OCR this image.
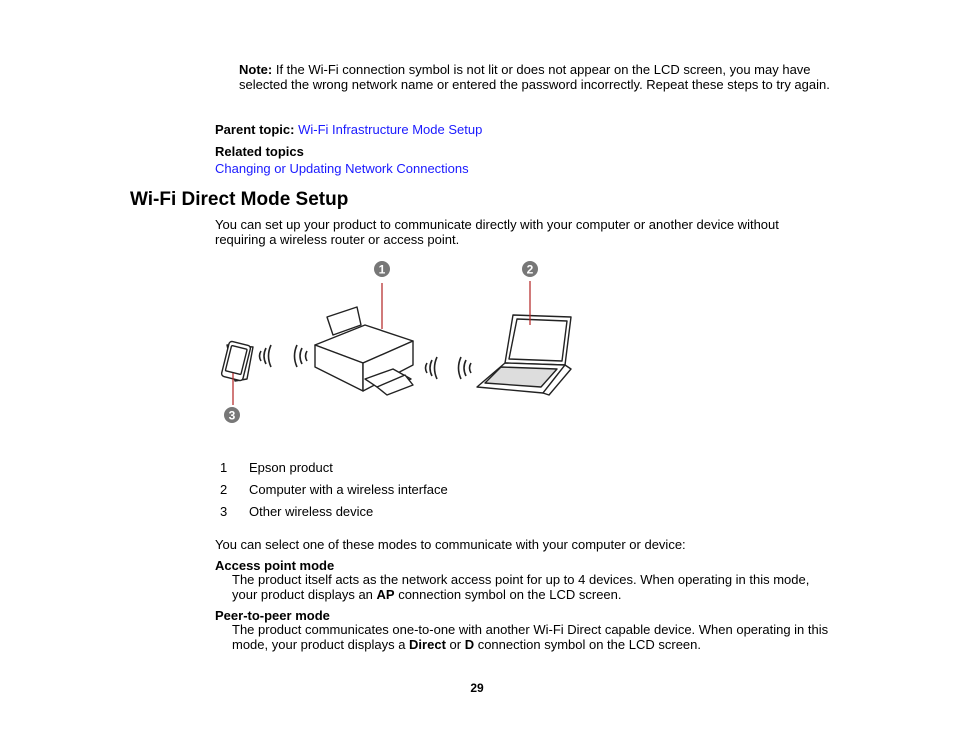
Note: If the Wi-Fi connection symbol is not lit or does not appear on the LCD screen, you may have selected the wrong network name or entered the password incorrectly. Repeat these steps to try again.
Parent topic: Wi-Fi Infrastructure Mode Setup
Related topics
Changing or Updating Network Connections
Wi-Fi Direct Mode Setup
You can set up your product to communicate directly with your computer or another device without requiring a wireless router or access point.
1	2
3
1 Epson product
2 Computer with a wireless interface
3 Other wireless device
You can select one of these modes to communicate with your computer or device:
Access point mode
The product itself acts as the network access point for up to 4 devices. When operating in this mode, your product displays an AP connection symbol on the LCD screen.
Peer-to-peer mode
The product communicates one-to-one with another Wi-Fi Direct capable device. When operating in this mode, your product displays a Direct or D connection symbol on the LCD screen.
29
